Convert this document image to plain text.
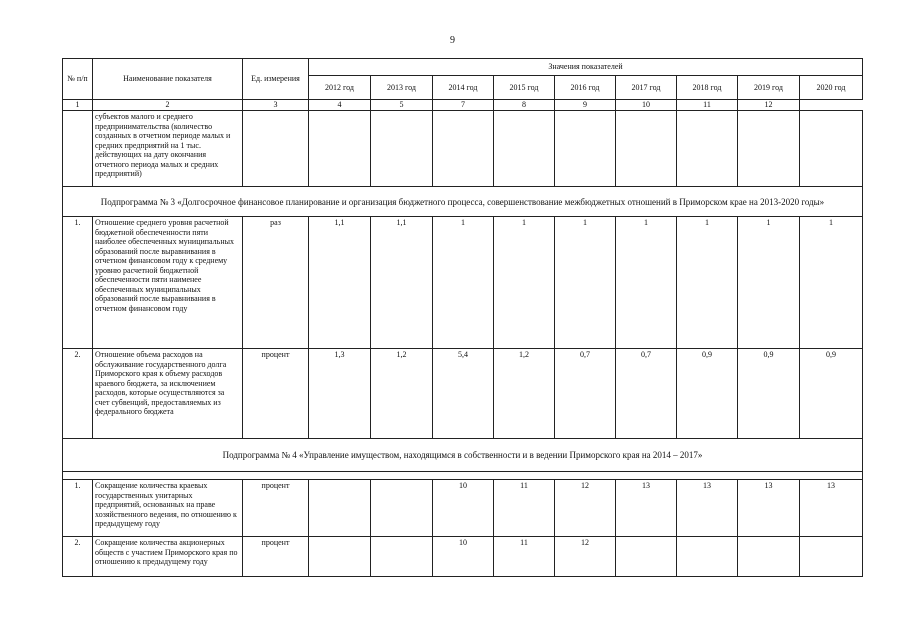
9
№ п/п	Наименование показателя	Ед. измерения	Значения показателей								
			2012 год	2013 год	2014 год	2015 год	2016 год	2017 год	2018 год	2019 год	2020 год
1	2	3	4	5	7	8	9	10	11	12	
	субъектов малого и среднего предпринимательства (количество созданных в отчетном периоде малых и средних предприятий на 1 тыс. действующих на дату окончания отчетного периода малых и средних предприятий)										
Подпрограмма № 3 «Долгосрочное финансовое планирование и организация бюджетного процесса, совершенствование межбюджетных отношений в Приморском крае на 2013-2020 годы»											
1.	Отношение среднего уровня расчетной бюджетной обеспеченности пяти наиболее обеспеченных муниципальных образований после выравнивания в отчетном финансовом году к среднему уровню расчетной бюджетной обеспеченности пяти наименее обеспеченных муниципальных образований после выравнивания в отчетном финансовом году	раз	1,1	1,1	1	1	1	1	1	1	1
2.	Отношение объема расходов на обслуживание государственного долга Приморского края к объему расходов краевого бюджета, за исключением расходов, которые осуществляются за счет субвенций, предоставляемых из федерального бюджета	процент	1,3	1,2	5,4	1,2	0,7	0,7	0,9	0,9	0,9
Подпрограмма № 4 «Управление имуществом, находящимся в собственности и в ведении Приморского края на 2014 – 2017»											

1.	Сокращение количества краевых государственных унитарных предприятий, основанных на праве хозяйственного ведения, по отношению к предыдущему году	процент			10	11	12	13	13	13	13
2.	Сокращение количества акционерных обществ с участием Приморского края по отношению к предыдущему году	процент			10	11	12				
